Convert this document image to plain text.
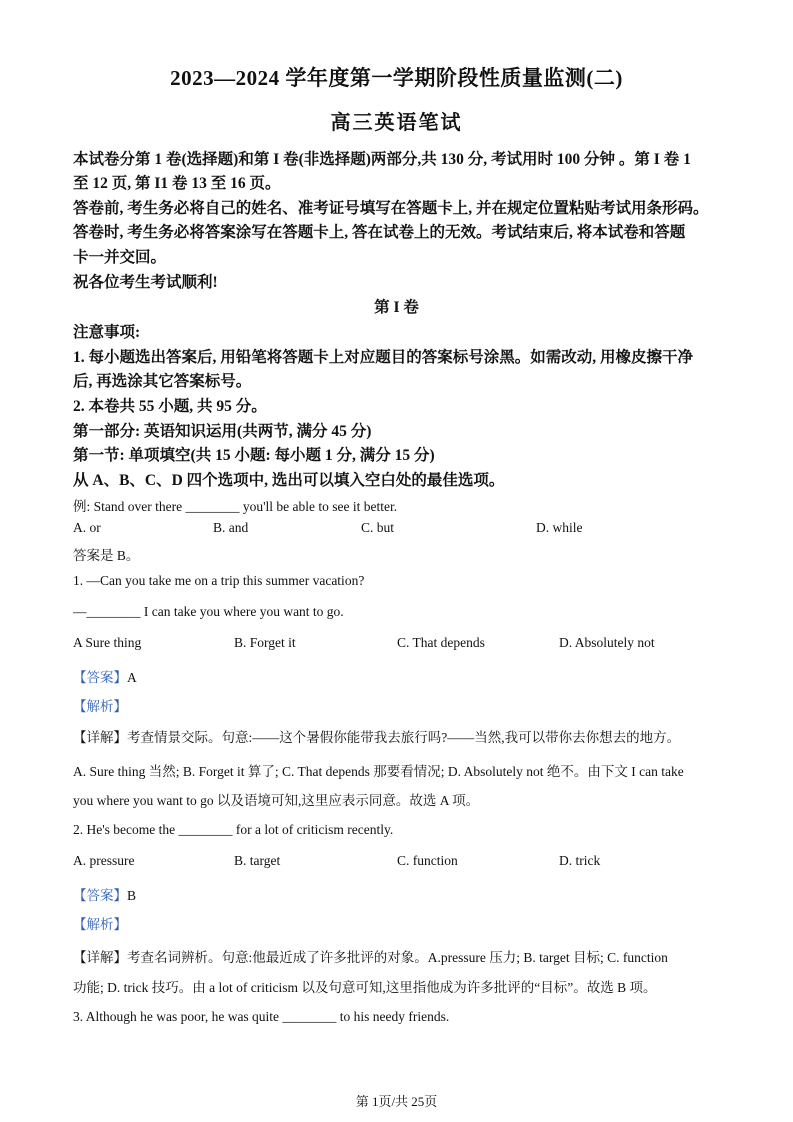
2023—2024 学年度第一学期阶段性质量监测(二)
高三英语笔试
本试卷分第 1 卷(选择题)和第 I 卷(非选择题)两部分,共 130 分, 考试用时 100 分钟 。第 I 卷 1
至 12 页, 第 I1 卷 13 至 16 页。
答卷前, 考生务必将自己的姓名、准考证号填写在答题卡上, 并在规定位置粘贴考试用条形码。
答卷时, 考生务必将答案涂写在答题卡上, 答在试卷上的无效。考试结束后, 将本试卷和答题
卡一并交回。
祝各位考生考试顺利!
第 I 卷
注意事项:
1. 每小题选出答案后, 用铅笔将答题卡上对应题目的答案标号涂黑。如需改动, 用橡皮擦干净
后, 再选涂其它答案标号。
2. 本卷共 55 小题, 共 95 分。
第一部分: 英语知识运用(共两节, 满分 45 分)
第一节: 单项填空(共 15 小题: 每小题 1 分, 满分 15 分)
从 A、B、C、D 四个选项中, 选出可以填入空白处的最佳选项。
例: Stand over there ________ you'll be able to see it better.
A. or	B. and	C. but	D. while
答案是 B。
1. —Can you take me on a trip this summer vacation?
—________ I can take you where you want to go.
A Sure thing	B. Forget it	C. That depends	D. Absolutely not
【答案】A
【解析】
【详解】考查情景交际。句意:——这个暑假你能带我去旅行吗?——当然,我可以带你去你想去的地方。
A. Sure thing 当然; B. Forget it 算了; C. That depends 那要看情况; D. Absolutely not 绝不。由下文 I can take
you where you want to go 以及语境可知,这里应表示同意。故选 A 项。
2. He's become the ________ for a lot of criticism recently.
A. pressure	B. target	C. function	D. trick
【答案】B
【解析】
【详解】考查名词辨析。句意:他最近成了许多批评的对象。A.pressure 压力; B. target 目标; C. function
功能; D. trick 技巧。由 a lot of criticism 以及句意可知,这里指他成为许多批评的“目标”。故选 B 项。
3. Although he was poor, he was quite ________ to his needy friends.
第 1页/共 25页
